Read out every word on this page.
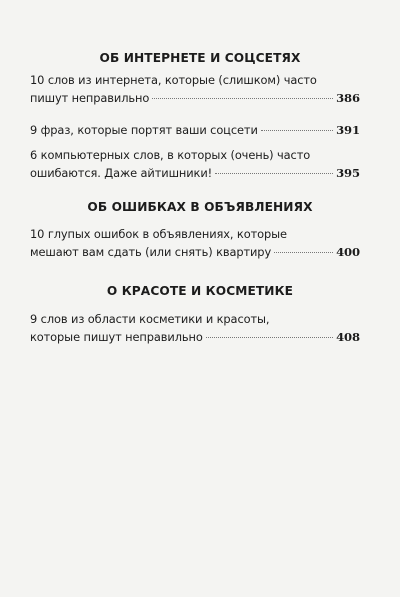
ОБ ИНТЕРНЕТЕ И СОЦСЕТЯХ
10 слов из интернета, которые (слишком) часто
пишут неправильно	386
9 фраз, которые портят ваши соцсети	391
6 компьютерных слов, в которых (очень) часто
ошибаются. Даже айтишники!	395
ОБ ОШИБКАХ В ОБЪЯВЛЕНИЯХ
10 глупых ошибок в объявлениях, которые
мешают вам сдать (или снять) квартиру	400
О КРАСОТЕ И КОСМЕТИКЕ
9 слов из области косметики и красоты,
которые пишут неправильно	408
